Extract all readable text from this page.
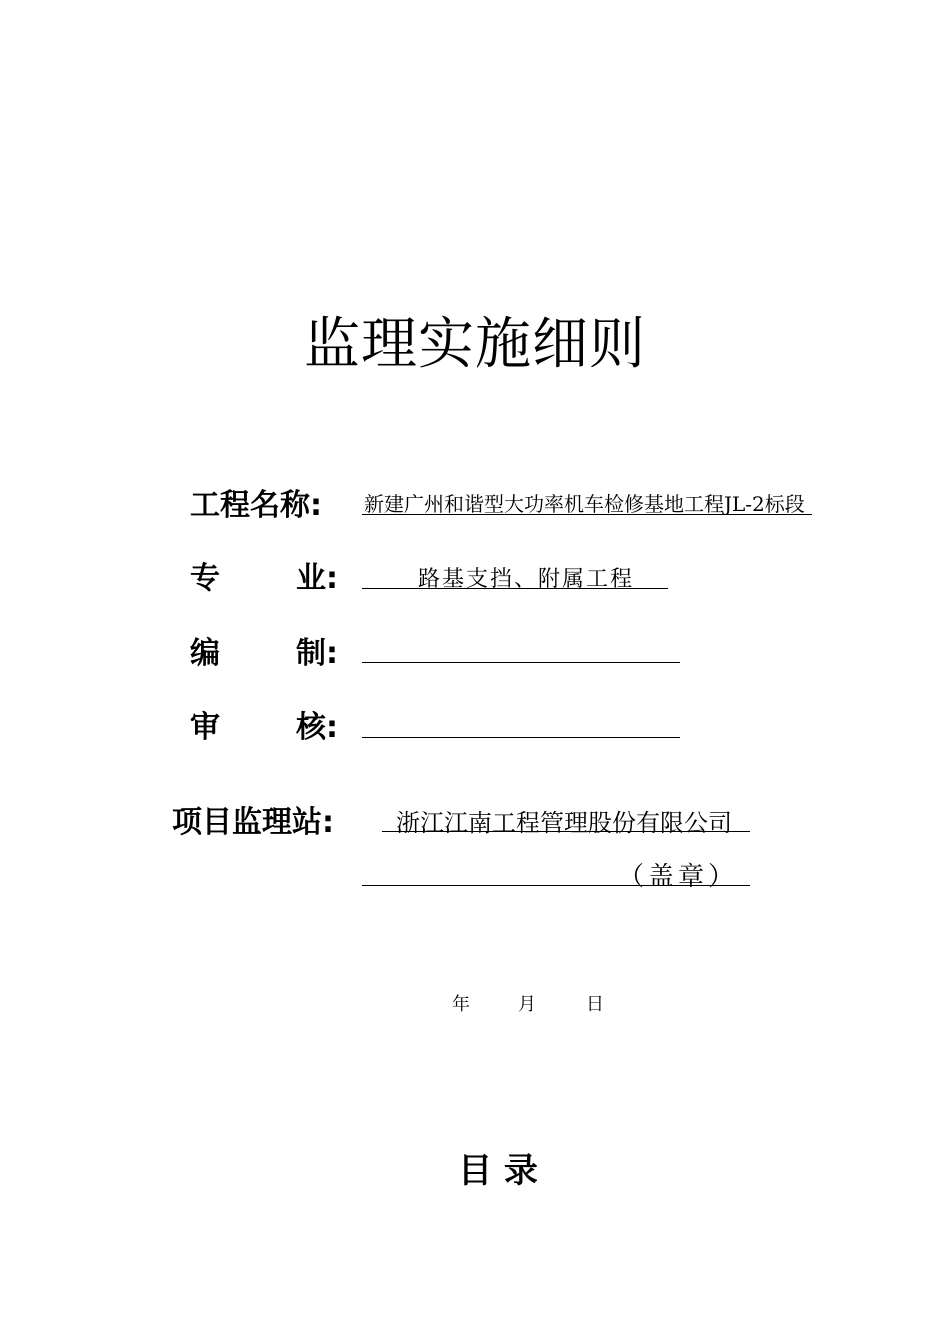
监理实施细则
工程名称: 新建广州和谐型大功率机车检修基地工程JL-2标段
专	业:	路基支挡、附属工程
编	制:
审	核:
项目监理站:	浙江江南工程管理股份有限公司
（盖章）
年	月	日
目 录
